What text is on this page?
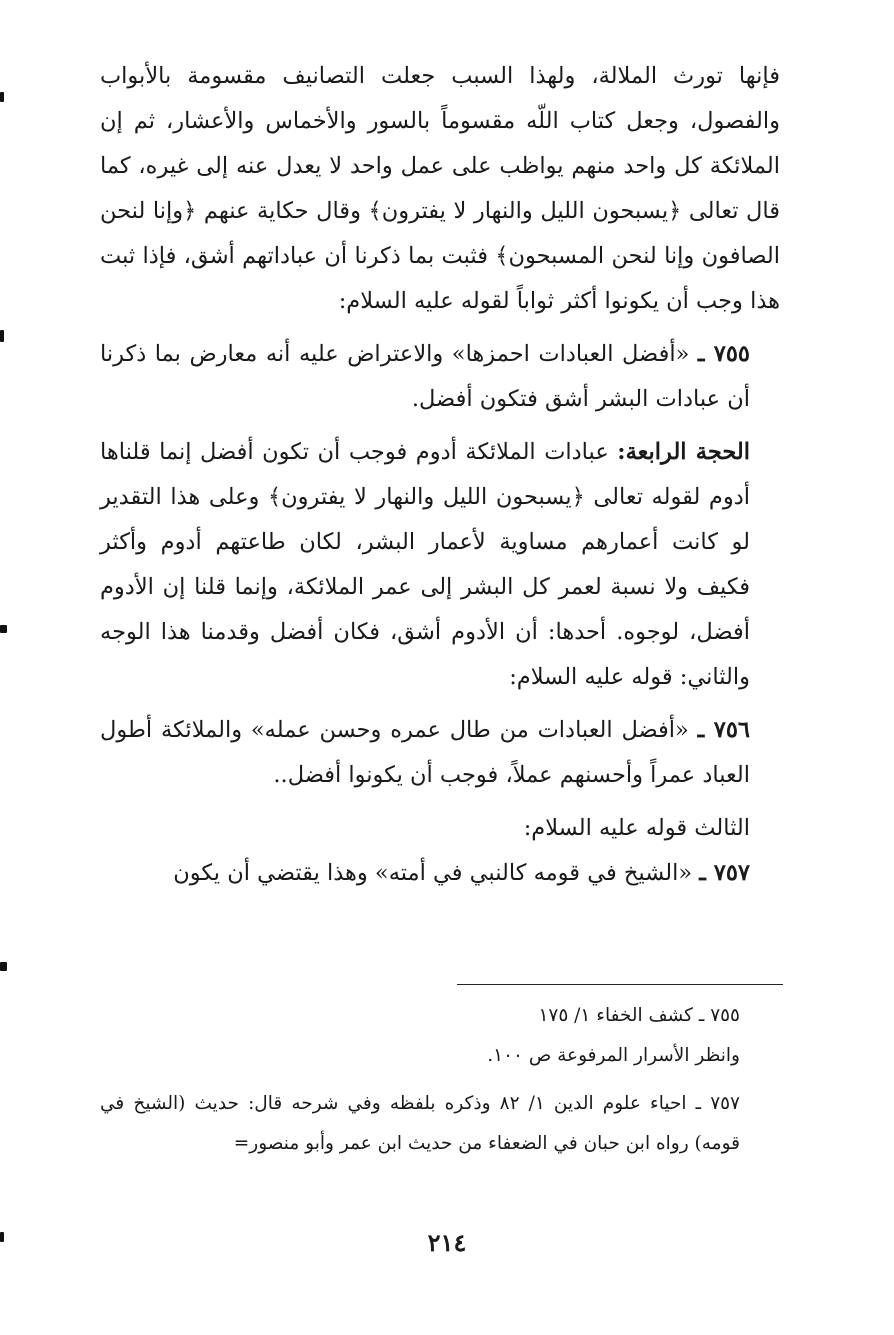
فإنها تورث الملالة، ولهذا السبب جعلت التصانيف مقسومة بالأبواب والفصول، وجعل كتاب اللّه مقسوماً بالسور والأخماس والأعشار، ثم إن الملائكة كل واحد منهم يواظب على عمل واحد لا يعدل عنه إلى غيره، كما قال تعالى ﴿يسبحون الليل والنهار لا يفترون﴾ وقال حكاية عنهم ﴿وإنا لنحن الصافون وإنا لنحن المسبحون﴾ فثبت بما ذكرنا أن عباداتهم أشق، فإذا ثبت هذا وجب أن يكونوا أكثر ثواباً لقوله عليه السلام:

٧٥٥ ـ «أفضل العبادات احمزها» والاعتراض عليه أنه معارض بما ذكرنا أن عبادات البشر أشق فتكون أفضل.

الحجة الرابعة: عبادات الملائكة أدوم فوجب أن تكون أفضل إنما قلناها أدوم لقوله تعالى ﴿يسبحون الليل والنهار لا يفترون﴾ وعلى هذا التقدير لو كانت أعمارهم مساوية لأعمار البشر، لكان طاعتهم أدوم وأكثر فكيف ولا نسبة لعمر كل البشر إلى عمر الملائكة، وإنما قلنا إن الأدوم أفضل، لوجوه. أحدها: أن الأدوم أشق، فكان أفضل وقدمنا هذا الوجه والثاني: قوله عليه السلام:

٧٥٦ ـ «أفضل العبادات من طال عمره وحسن عمله» والملائكة أطول العباد عمراً وأحسنهم عملاً، فوجب أن يكونوا أفضل..

الثالث قوله عليه السلام:

٧٥٧ ـ «الشيخ في قومه كالنبي في أمته» وهذا يقتضي أن يكون

٧٥٥ ـ كشف الخفاء ١/ ١٧٥

وانظر الأسرار المرفوعة ص ١٠٠.

٧٥٧ ـ احياء علوم الدين ١/ ٨٢ وذكره بلفظه وفي شرحه قال: حديث (الشيخ في قومه) رواه ابن حبان في الضعفاء من حديث ابن عمر وأبو منصور=

٢١٤
